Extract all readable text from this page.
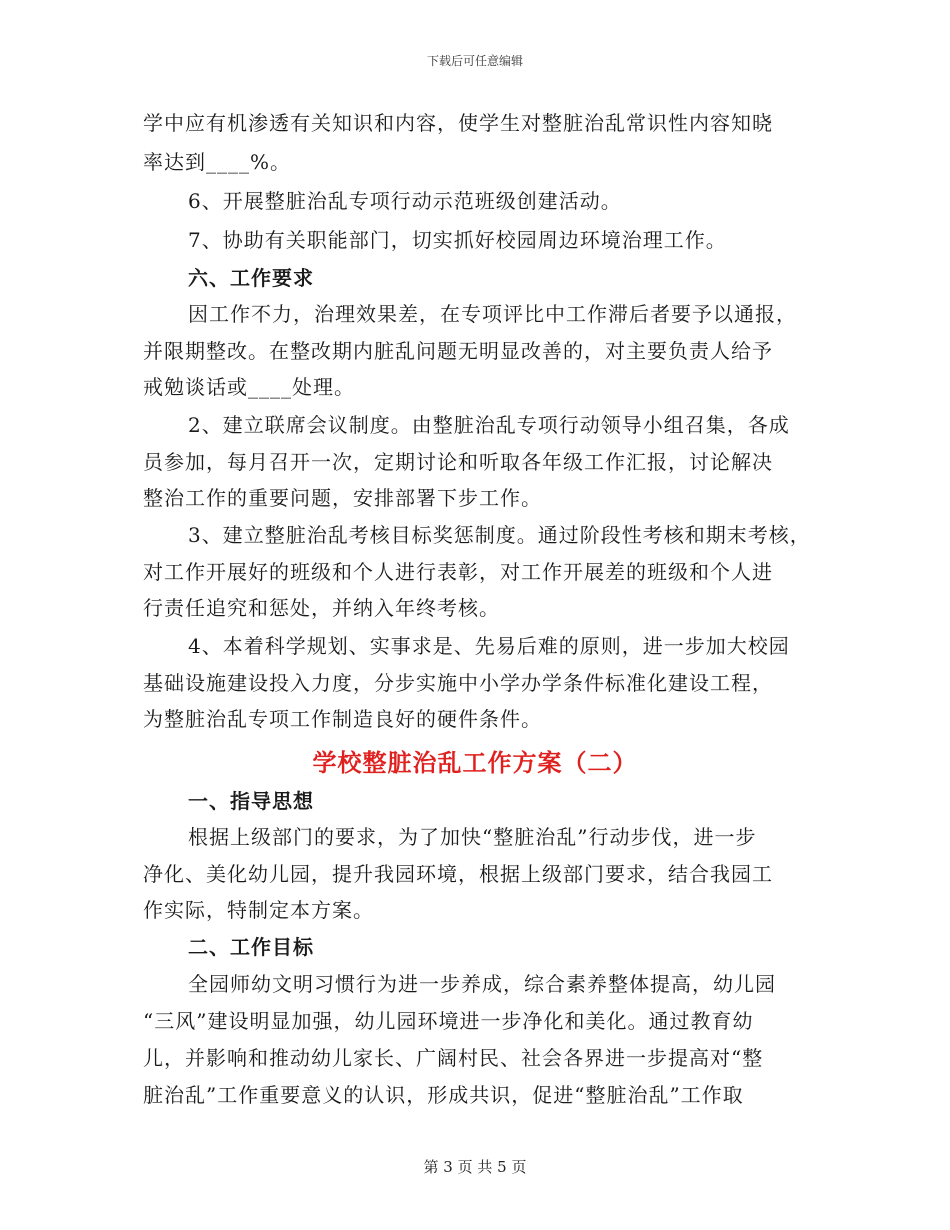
下载后可任意编辑
学中应有机渗透有关知识和内容，使学生对整脏治乱常识性内容知晓
率达到____%。
6、开展整脏治乱专项行动示范班级创建活动。
7、协助有关职能部门，切实抓好校园周边环境治理工作。
六、工作要求
因工作不力，治理效果差，在专项评比中工作滞后者要予以通报，
并限期整改。在整改期内脏乱问题无明显改善的，对主要负责人给予
戒勉谈话或____处理。
2、建立联席会议制度。由整脏治乱专项行动领导小组召集，各成
员参加，每月召开一次，定期讨论和听取各年级工作汇报，讨论解决
整治工作的重要问题，安排部署下步工作。
3、建立整脏治乱考核目标奖惩制度。通过阶段性考核和期末考核，
对工作开展好的班级和个人进行表彰，对工作开展差的班级和个人进
行责任追究和惩处，并纳入年终考核。
4、本着科学规划、实事求是、先易后难的原则，进一步加大校园
基础设施建设投入力度，分步实施中小学办学条件标准化建设工程，
为整脏治乱专项工作制造良好的硬件条件。
学校整脏治乱工作方案（二）
一、指导思想
根据上级部门的要求，为了加快“整脏治乱”行动步伐，进一步
净化、美化幼儿园，提升我园环境，根据上级部门要求，结合我园工
作实际，特制定本方案。
二、工作目标
全园师幼文明习惯行为进一步养成，综合素养整体提高，幼儿园
“三风”建设明显加强，幼儿园环境进一步净化和美化。通过教育幼
儿，并影响和推动幼儿家长、广阔村民、社会各界进一步提高对“整
脏治乱”工作重要意义的认识，形成共识，促进“整脏治乱”工作取
第 3 页 共 5 页
